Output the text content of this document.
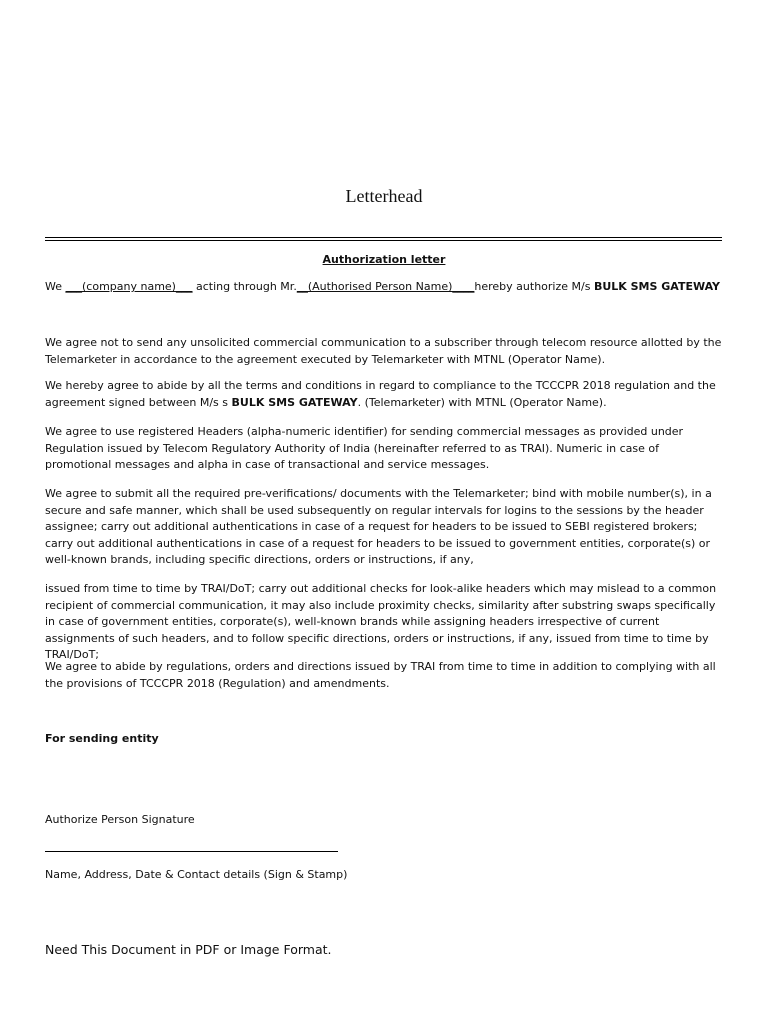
Letterhead
Authorization letter
We ___(company name)___ acting through Mr.__(Authorised Person Name)____hereby authorize M/s BULK SMS GATEWAY
We agree not to send any unsolicited commercial communication to a subscriber through telecom resource allotted by the Telemarketer in accordance to the agreement executed by Telemarketer with MTNL (Operator Name).
We hereby agree to abide by all the terms and conditions in regard to compliance to the TCCCPR 2018 regulation and the agreement signed between M/s s BULK SMS GATEWAY. (Telemarketer) with MTNL (Operator Name).
We agree to use registered Headers (alpha-numeric identifier) for sending commercial messages as provided under Regulation issued by Telecom Regulatory Authority of India (hereinafter referred to as TRAI). Numeric in case of promotional messages and alpha in case of transactional and service messages.
We agree to submit all the required pre-verifications/ documents with the Telemarketer; bind with mobile number(s), in a secure and safe manner, which shall be used subsequently on regular intervals for logins to the sessions by the header assignee; carry out additional authentications in case of a request for headers to be issued to SEBI registered brokers; carry out additional authentications in case of a request for headers to be issued to government entities, corporate(s) or well-known brands, including specific directions, orders or instructions, if any,
issued from time to time by TRAI/DoT; carry out additional checks for look-alike headers which may mislead to a common recipient of commercial communication, it may also include proximity checks, similarity after substring swaps specifically in case of government entities, corporate(s), well-known brands while assigning headers irrespective of current assignments of such headers, and to follow specific directions, orders or instructions, if any, issued from time to time by TRAI/DoT;
We agree to abide by regulations, orders and directions issued by TRAI from time to time in addition to complying with all the provisions of TCCCPR 2018 (Regulation) and amendments.
For sending entity
Authorize Person Signature
Name, Address, Date & Contact details (Sign & Stamp)
Need This Document in PDF or Image Format.
